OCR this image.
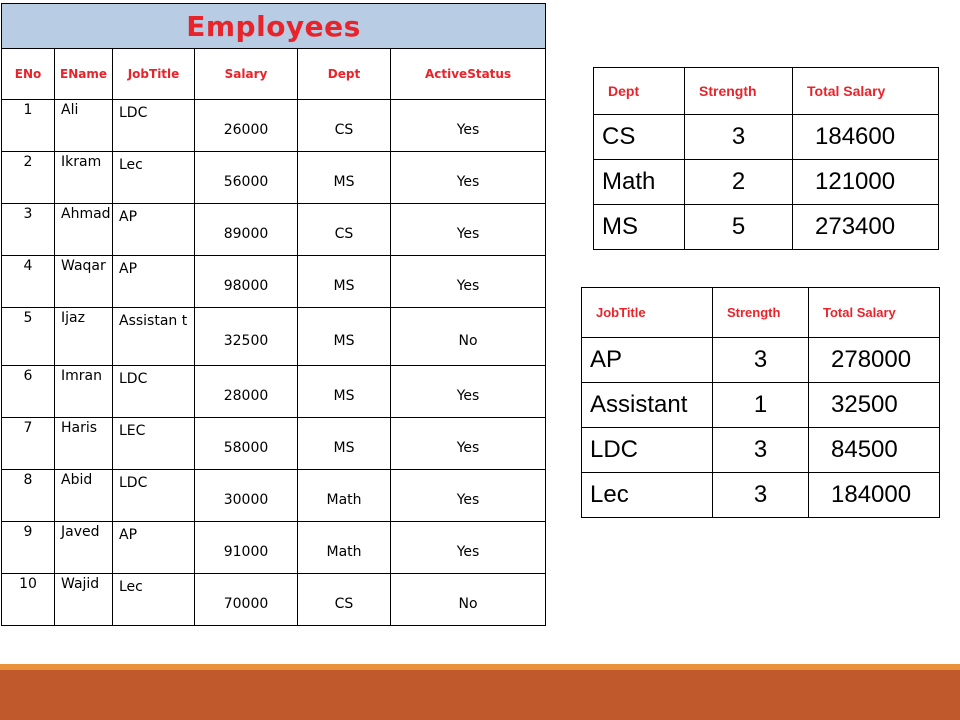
Employees					
ENo	EName	JobTitle	Salary	Dept	ActiveStatus
1	Ali	LDC	26000	CS	Yes
2	Ikram	Lec	56000	MS	Yes
3	Ahmad	AP	89000	CS	Yes
4	Waqar	AP	98000	MS	Yes
5	Ijaz	Assistan t	32500	MS	No
6	Imran	LDC	28000	MS	Yes
7	Haris	LEC	58000	MS	Yes
8	Abid	LDC	30000	Math	Yes
9	Javed	AP	91000	Math	Yes
10	Wajid	Lec	70000	CS	No
Dept	Strength	Total Salary
CS	3	184600
Math	2	121000
MS	5	273400
JobTitle	Strength	Total Salary
AP	3	278000
Assistant	1	32500
LDC	3	84500
Lec	3	184000
